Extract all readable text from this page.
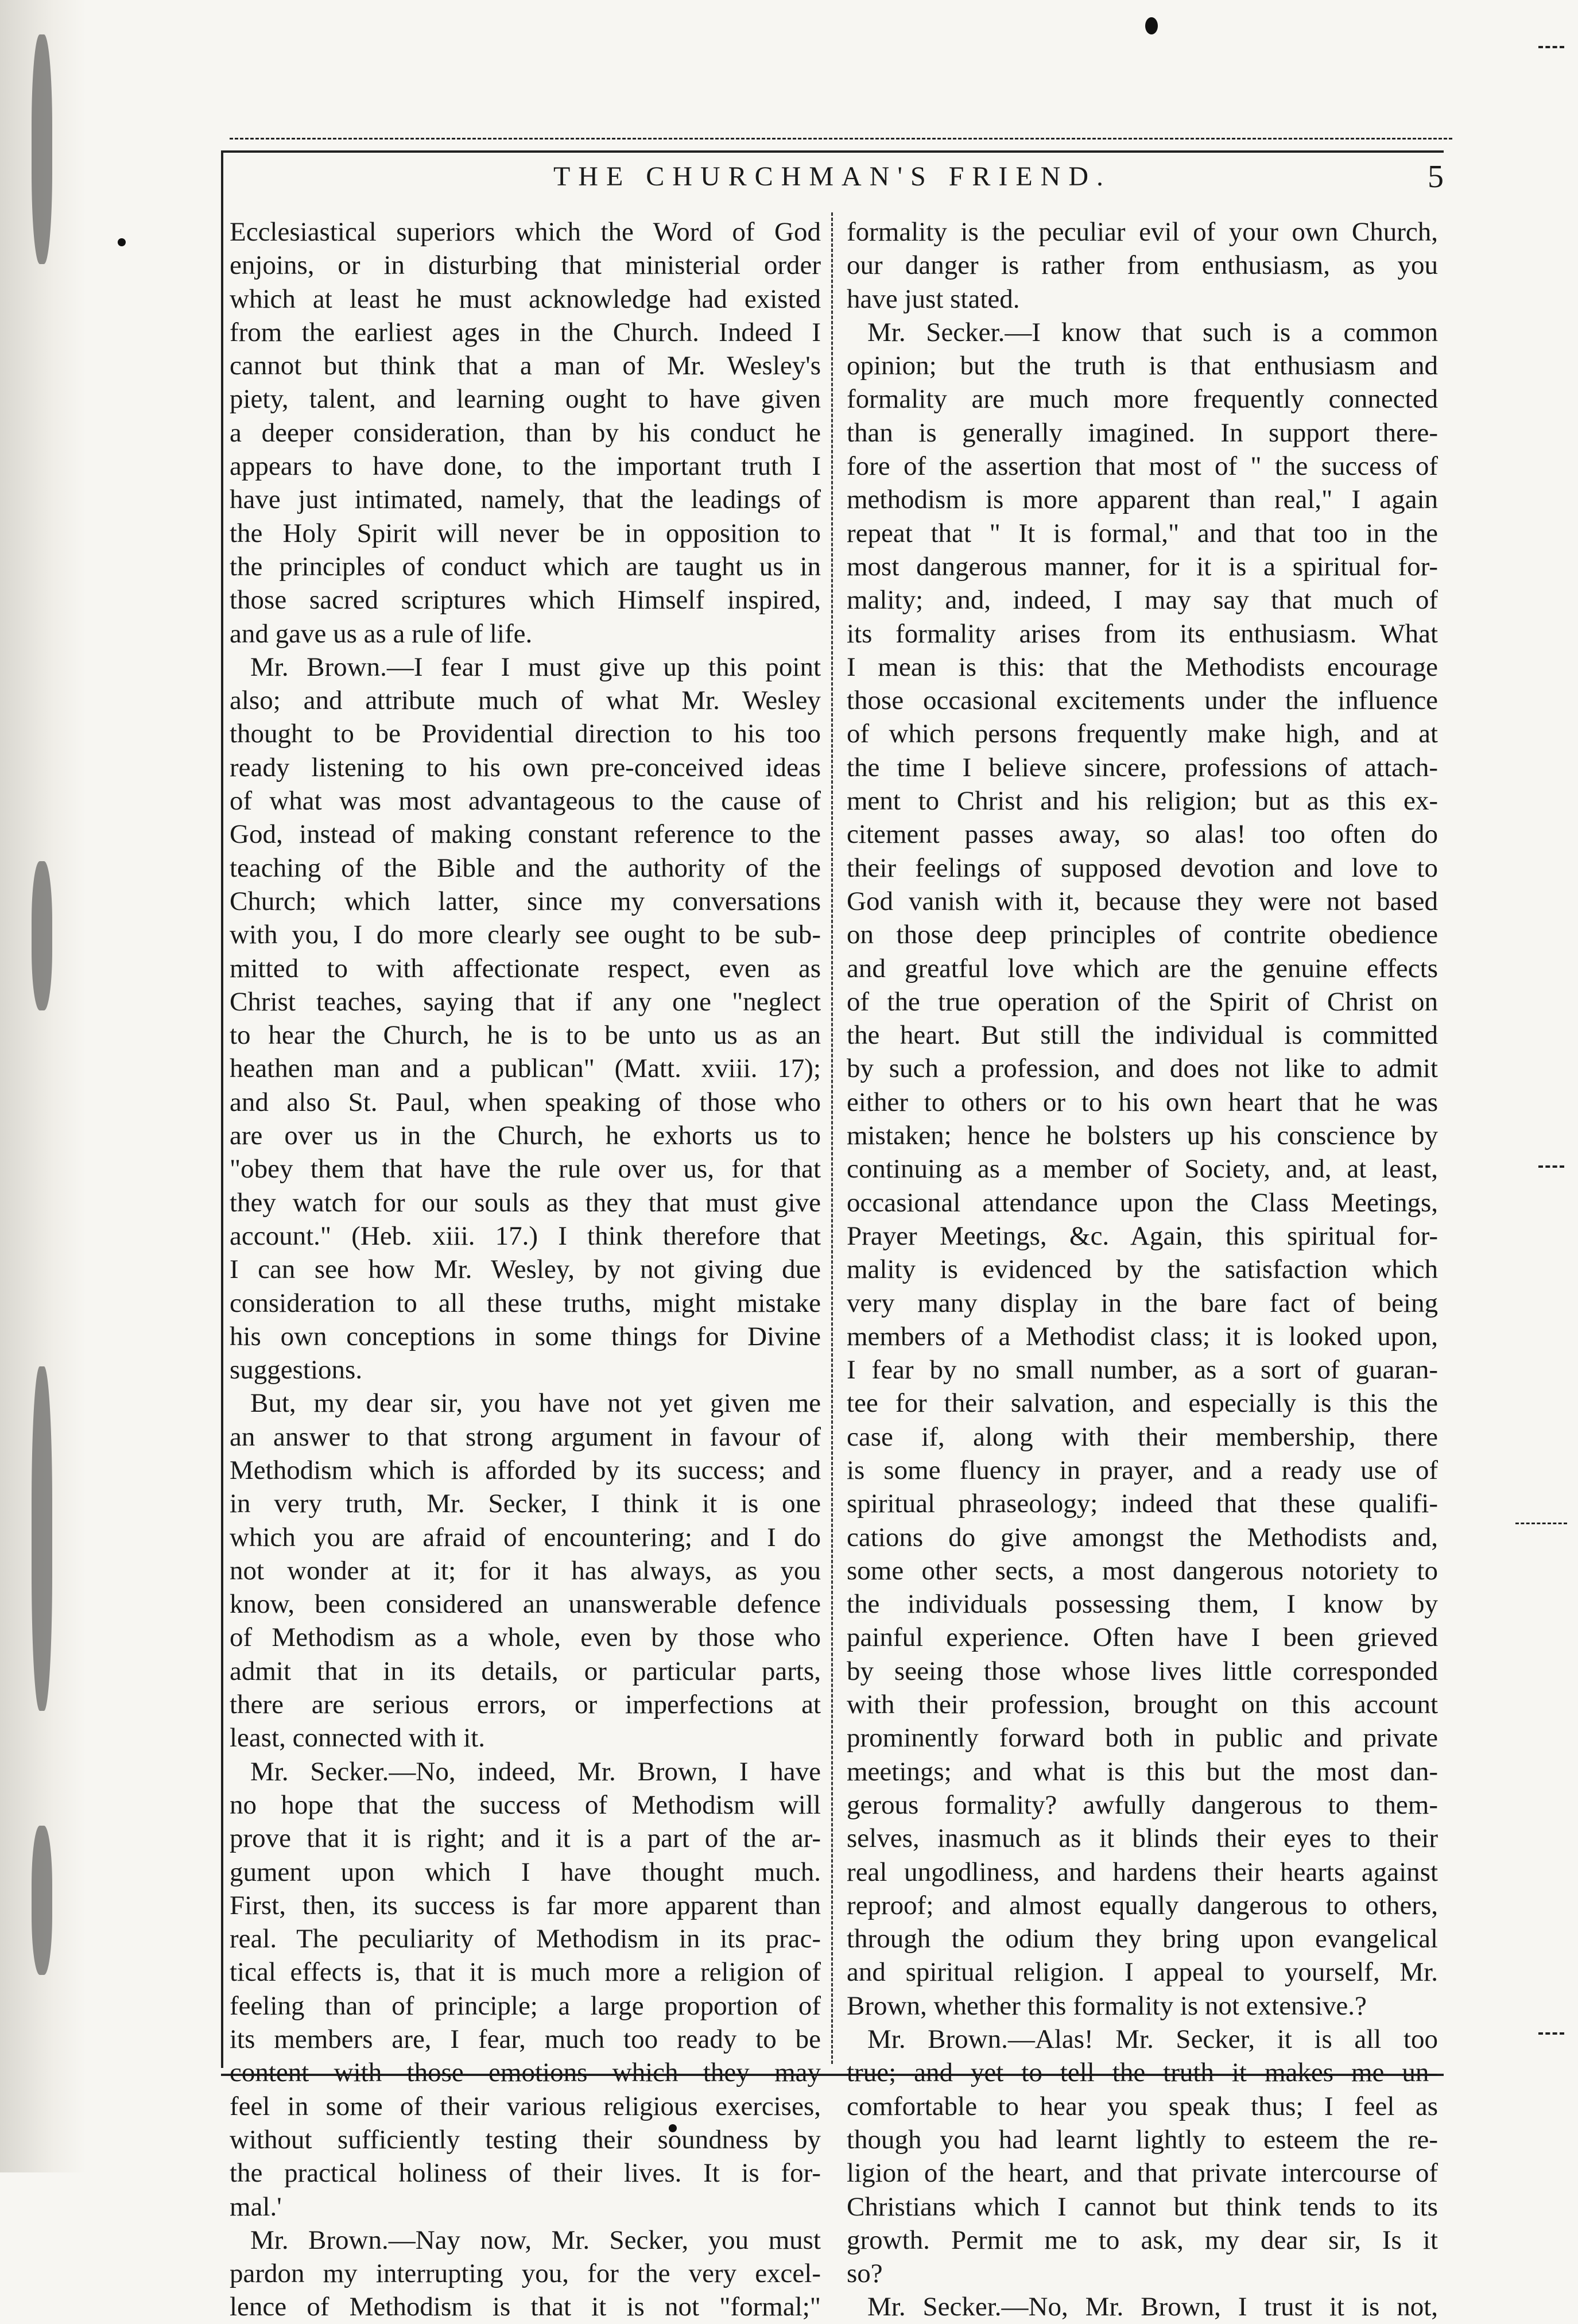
THE CHURCHMAN'S FRIEND.	5
Ecclesiastical superiors which the Word of God
enjoins, or in disturbing that ministerial order
which at least he must acknowledge had existed
from the earliest ages in the Church. Indeed I
cannot but think that a man of Mr. Wesley's
piety, talent, and learning ought to have given
a deeper consideration, than by his conduct he
appears to have done, to the important truth I
have just intimated, namely, that the leadings of
the Holy Spirit will never be in opposition to
the principles of conduct which are taught us in
those sacred scriptures which Himself inspired,
and gave us as a rule of life.
Mr. Brown.—I fear I must give up this point
also; and attribute much of what Mr. Wesley
thought to be Providential direction to his too
ready listening to his own pre-conceived ideas
of what was most advantageous to the cause of
God, instead of making constant reference to the
teaching of the Bible and the authority of the
Church; which latter, since my conversations
with you, I do more clearly see ought to be sub-
mitted to with affectionate respect, even as
Christ teaches, saying that if any one "neglect
to hear the Church, he is to be unto us as an
heathen man and a publican" (Matt. xviii. 17);
and also St. Paul, when speaking of those who
are over us in the Church, he exhorts us to
"obey them that have the rule over us, for that
they watch for our souls as they that must give
account." (Heb. xiii. 17.) I think therefore that
I can see how Mr. Wesley, by not giving due
consideration to all these truths, might mistake
his own conceptions in some things for Divine
suggestions.
But, my dear sir, you have not yet given me
an answer to that strong argument in favour of
Methodism which is afforded by its success; and
in very truth, Mr. Secker, I think it is one
which you are afraid of encountering; and I do
not wonder at it; for it has always, as you
know, been considered an unanswerable defence
of Methodism as a whole, even by those who
admit that in its details, or particular parts,
there are serious errors, or imperfections at
least, connected with it.
Mr. Secker.—No, indeed, Mr. Brown, I have
no hope that the success of Methodism will
prove that it is right; and it is a part of the ar-
gument upon which I have thought much.
First, then, its success is far more apparent than
real. The peculiarity of Methodism in its prac-
tical effects is, that it is much more a religion of
feeling than of principle; a large proportion of
its members are, I fear, much too ready to be
content with those emotions which they may
feel in some of their various religious exercises,
without sufficiently testing their soundness by
the practical holiness of their lives. It is for-
mal.'
Mr. Brown.—Nay now, Mr. Secker, you must
pardon my interrupting you, for the very excel-
lence of Methodism is that it is not "formal;"
formality is the peculiar evil of your own Church,
our danger is rather from enthusiasm, as you
have just stated.
Mr. Secker.—I know that such is a common
opinion; but the truth is that enthusiasm and
formality are much more frequently connected
than is generally imagined. In support there-
fore of the assertion that most of " the success of
methodism is more apparent than real," I again
repeat that " It is formal," and that too in the
most dangerous manner, for it is a spiritual for-
mality; and, indeed, I may say that much of
its formality arises from its enthusiasm. What
I mean is this: that the Methodists encourage
those occasional excitements under the influence
of which persons frequently make high, and at
the time I believe sincere, professions of attach-
ment to Christ and his religion; but as this ex-
citement passes away, so alas! too often do
their feelings of supposed devotion and love to
God vanish with it, because they were not based
on those deep principles of contrite obedience
and greatful love which are the genuine effects
of the true operation of the Spirit of Christ on
the heart. But still the individual is committed
by such a profession, and does not like to admit
either to others or to his own heart that he was
mistaken; hence he bolsters up his conscience by
continuing as a member of Society, and, at least,
occasional attendance upon the Class Meetings,
Prayer Meetings, &c. Again, this spiritual for-
mality is evidenced by the satisfaction which
very many display in the bare fact of being
members of a Methodist class; it is looked upon,
I fear by no small number, as a sort of guaran-
tee for their salvation, and especially is this the
case if, along with their membership, there
is some fluency in prayer, and a ready use of
spiritual phraseology; indeed that these qualifi-
cations do give amongst the Methodists and,
some other sects, a most dangerous notoriety to
the individuals possessing them, I know by
painful experience. Often have I been grieved
by seeing those whose lives little corresponded
with their profession, brought on this account
prominently forward both in public and private
meetings; and what is this but the most dan-
gerous formality? awfully dangerous to them-
selves, inasmuch as it blinds their eyes to their
real ungodliness, and hardens their hearts against
reproof; and almost equally dangerous to others,
through the odium they bring upon evangelical
and spiritual religion. I appeal to yourself, Mr.
Brown, whether this formality is not extensive.?
Mr. Brown.—Alas! Mr. Secker, it is all too
true; and yet to tell the truth it makes me un-
comfortable to hear you speak thus; I feel as
though you had learnt lightly to esteem the re-
ligion of the heart, and that private intercourse of
Christians which I cannot but think tends to its
growth. Permit me to ask, my dear sir, Is it
so?
Mr. Secker.—No, Mr. Brown, I trust it is not,
